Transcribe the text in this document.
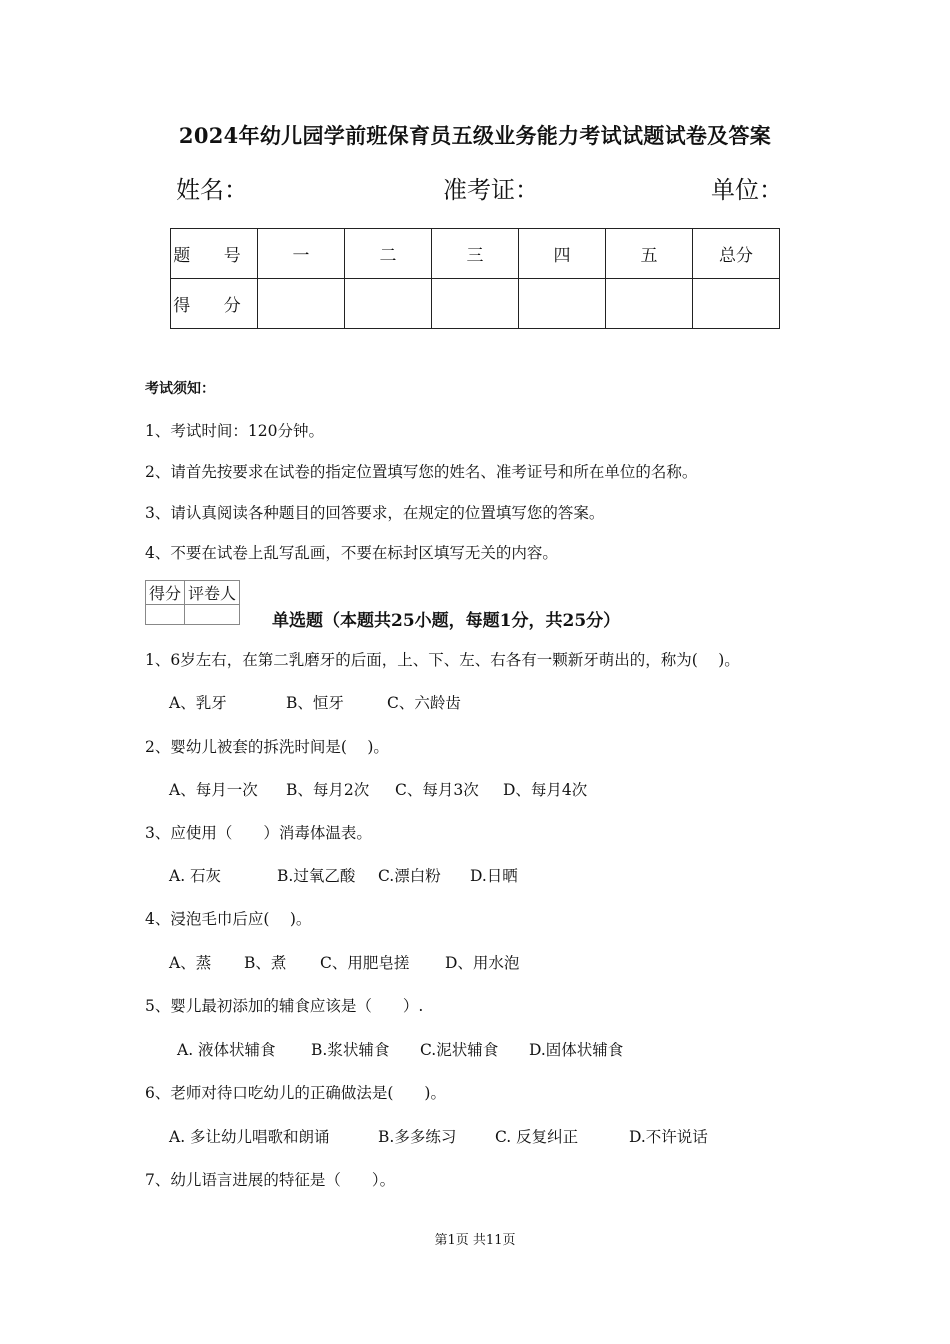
2024年幼儿园学前班保育员五级业务能力考试试题试卷及答案
姓名：	准考证：	单位：
题 号	一	二	三	四	五	总分
得 分						
考试须知：
1、考试时间：120分钟。
2、请首先按要求在试卷的指定位置填写您的姓名、准考证号和所在单位的名称。
3、请认真阅读各种题目的回答要求，在规定的位置填写您的答案。
4、不要在试卷上乱写乱画，不要在标封区填写无关的内容。
得分	评卷人

单选题（本题共25小题，每题1分，共25分）
1、6岁左右，在第二乳磨牙的后面，上、下、左、右各有一颗新牙萌出的，称为(　 )。
A、乳牙	B、恒牙	C、六龄齿
2、婴幼儿被套的拆洗时间是(　 )。
A、每月一次 B、每月2次 C、每月3次 D、每月4次
3、应使用（　　）消毒体温表。
A. 石灰	B.过氧乙酸 C.漂白粉 D.日晒
4、浸泡毛巾后应(　 )。
A、蒸 B、煮 C、用肥皂搓 D、用水泡
5、婴儿最初添加的辅食应该是（　　）.
A. 液体状辅食 B.浆状辅食 C.泥状辅食 D.固体状辅食
6、老师对待口吃幼儿的正确做法是(　　)。
A. 多让幼儿唱歌和朗诵	B.多多练习 C. 反复纠正	D.不许说话
7、幼儿语言进展的特征是（　　）。
第1页 共11页
